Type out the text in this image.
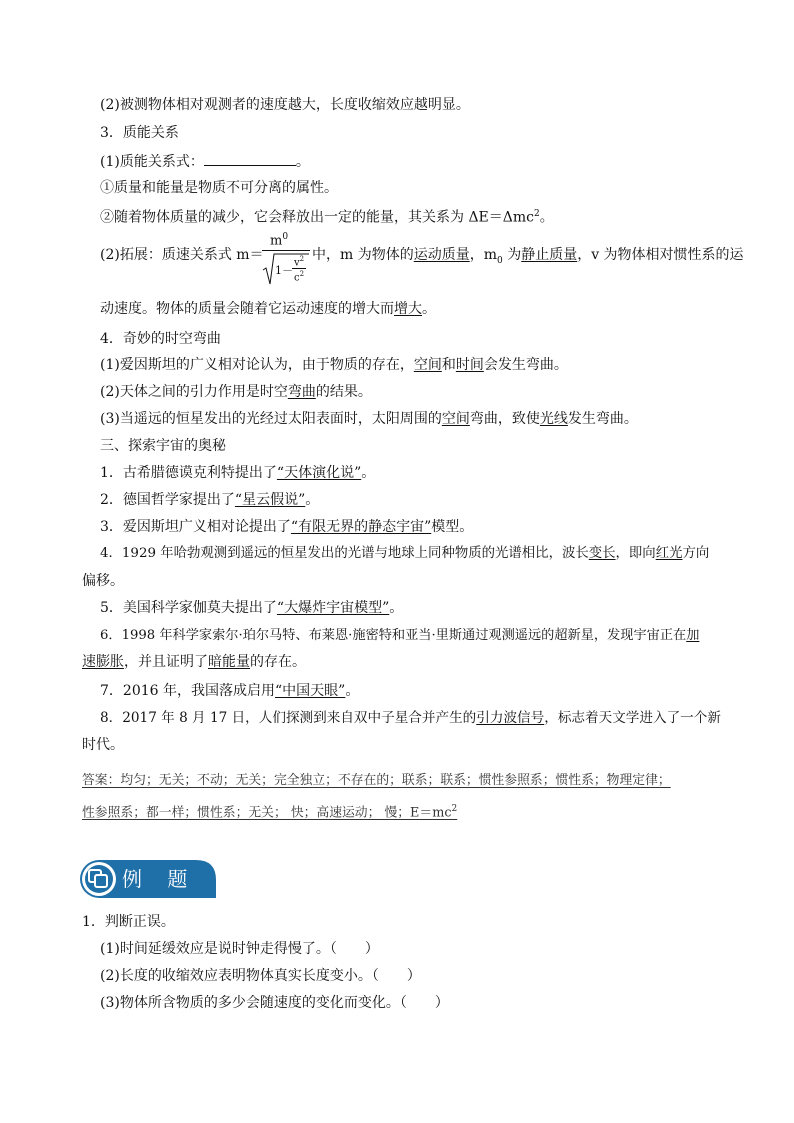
(2)被测物体相对观测者的速度越大，长度收缩效应越明显。
3．质能关系
(1)质能关系式：	。
①质量和能量是物质不可分离的属性。
②随着物体质量的减少，它会释放出一定的能量，其关系为 ΔE＝Δmc$^2$。
(2)拓展：质速关系式 m＝
$m^0$
1－
$v^2$
$c^2$
中，m 为物体的运动质量，$m_0$ 为静止质量，v 为物体相对惯性系的运
动速度。物体的质量会随着它运动速度的增大而增大。
4．奇妙的时空弯曲
(1)爱因斯坦的广义相对论认为，由于物质的存在，空间和时间会发生弯曲。
(2)天体之间的引力作用是时空弯曲的结果。
(3)当遥远的恒星发出的光经过太阳表面时，太阳周围的空间弯曲，致使光线发生弯曲。
三、探索宇宙的奥秘
1．古希腊德谟克利特提出了“天体演化说”。
2．德国哲学家提出了“星云假说”。
3．爱因斯坦广义相对论提出了“有限无界的静态宇宙”模型。
4．1929 年哈勃观测到遥远的恒星发出的光谱与地球上同种物质的光谱相比，波长变长，即向红光方向
偏移。
5．美国科学家伽莫夫提出了“大爆炸宇宙模型”。
6．1998 年科学家索尔·珀尔马特、布莱恩·施密特和亚当·里斯通过观测遥远的超新星，发现宇宙正在加
速膨胀，并且证明了暗能量的存在。
7．2016 年，我国落成启用“中国天眼”。
8．2017 年 8 月 17 日，人们探测到来自双中子星合并产生的引力波信号，标志着天文学进入了一个新
时代。
答案：均匀；无关；不动；无关；完全独立；不存在的；联系；联系；惯性参照系；惯性系；物理定律；
性参照系；都一样；惯性系；无关； 快；高速运动； 慢；$E=mc^2$
例    题
1．判断正误。
(1)时间延缓效应是说时钟走得慢了。（　　）
(2)长度的收缩效应表明物体真实长度变小。（　　）
(3)物体所含物质的多少会随速度的变化而变化。（　　）
